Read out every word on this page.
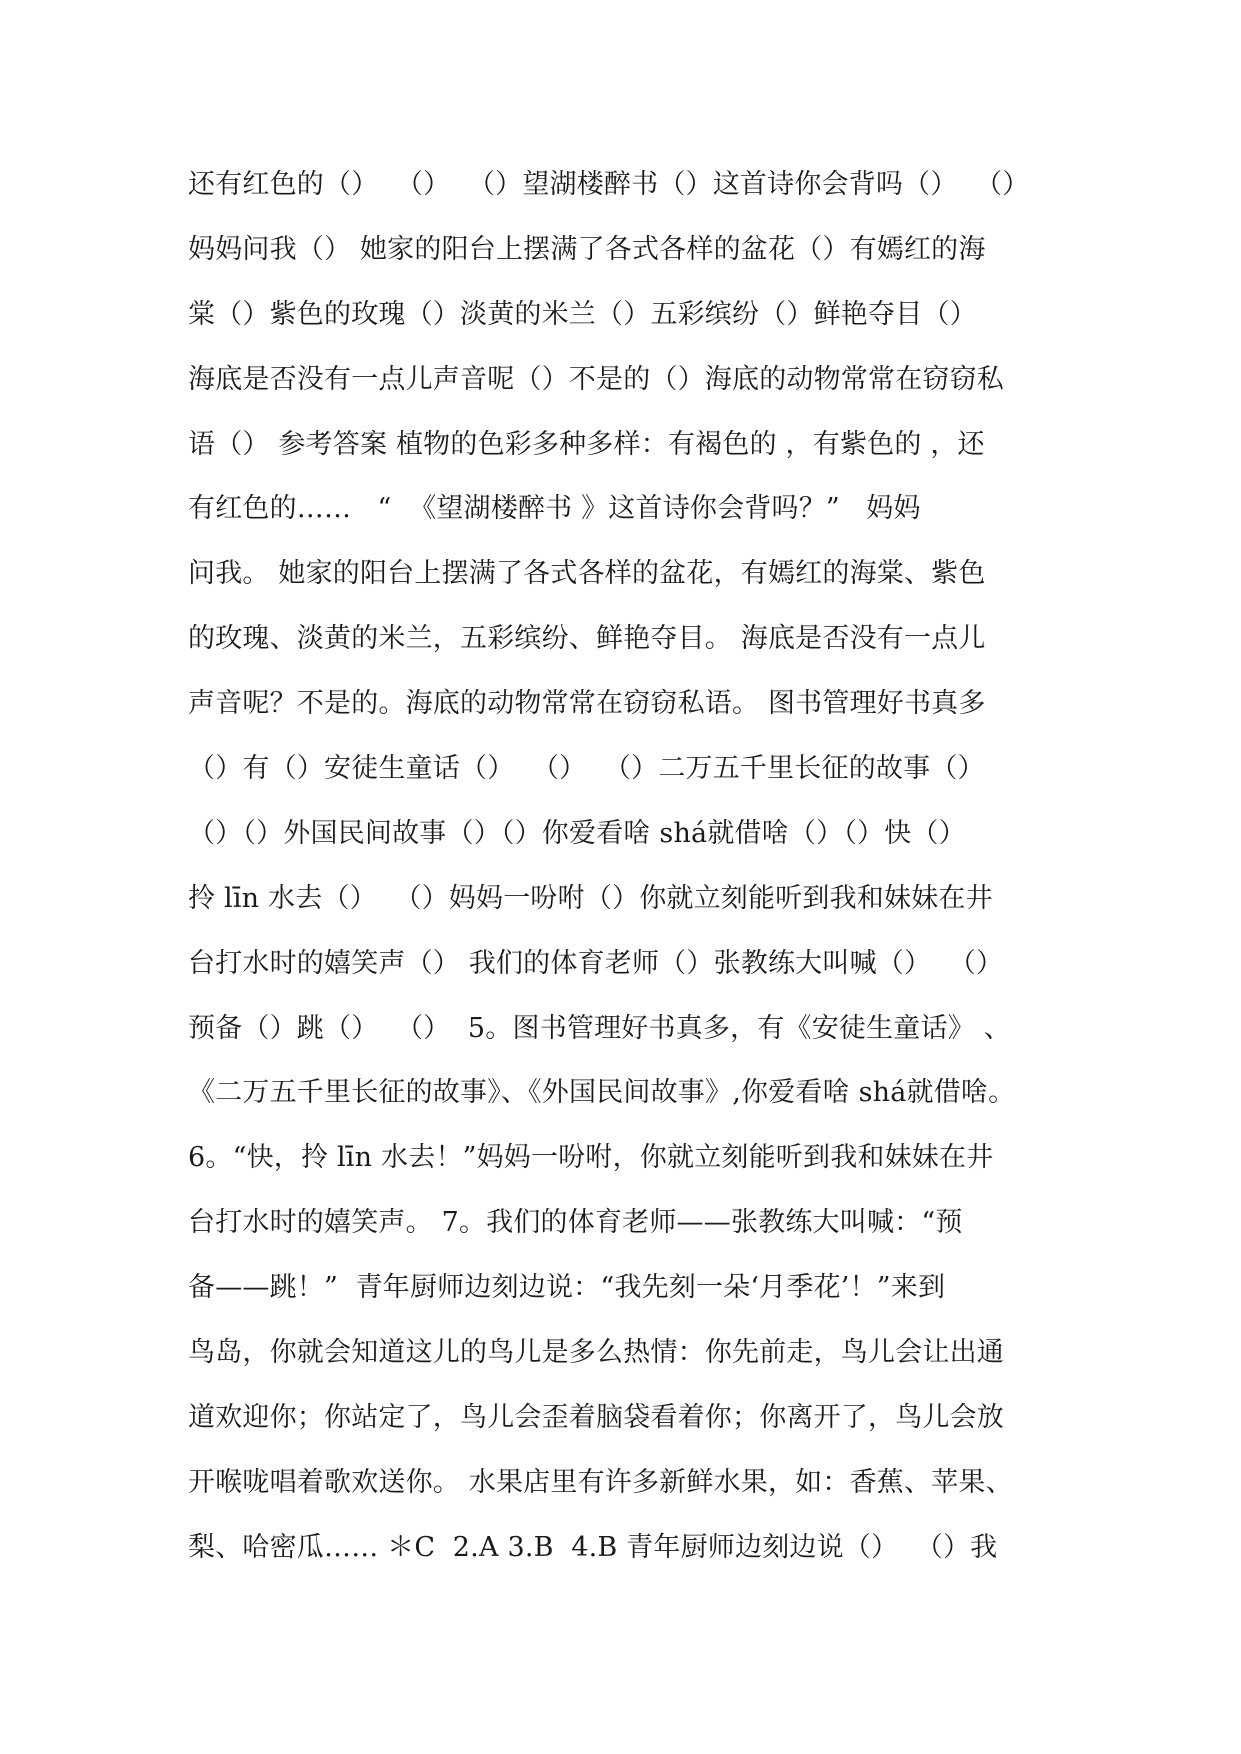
还有红色的（）  （）  （）望湖楼醉书（）这首诗你会背吗（）  （）
妈妈问我（） 她家的阳台上摆满了各式各样的盆花（）有嫣红的海
棠（）紫色的玫瑰（）淡黄的米兰（）五彩缤纷（）鲜艳夺目（）
海底是否没有一点儿声音呢（）不是的（）海底的动物常常在窃窃私
语（） 参考答案 植物的色彩多种多样：有褐色的 ，有紫色的 ，还
有红色的……   “  《望湖楼醉书 》这首诗你会背吗？”   妈妈
问我。 她家的阳台上摆满了各式各样的盆花，有嫣红的海棠、紫色
的玫瑰、淡黄的米兰，五彩缤纷、鲜艳夺目。 海底是否没有一点儿
声音呢？不是的。海底的动物常常在窃窃私语。 图书管理好书真多
（）有（）安徒生童话（）  （）  （）二万五千里长征的故事（）
（）（）外国民间故事（）（）你爱看啥 shá就借啥（）（）快（）
拎 līn 水去（）  （）妈妈一吩咐（）你就立刻能听到我和妹妹在井
台打水时的嬉笑声（） 我们的体育老师（）张教练大叫喊（）  （）
预备（）跳（）  （）  5。图书管理好书真多，有《安徒生童话》 、
《二万五千里长征的故事》、《外国民间故事》,你爱看啥 shá就借啥。
6。“快，拎 līn 水去！”妈妈一吩咐，你就立刻能听到我和妹妹在井
台打水时的嬉笑声。 7。我们的体育老师——张教练大叫喊：“预
备——跳！”  青年厨师边刻边说：“我先刻一朵‘月季花’！”来到
鸟岛，你就会知道这儿的鸟儿是多么热情：你先前走，鸟儿会让出通
道欢迎你；你站定了，鸟儿会歪着脑袋看着你；你离开了，鸟儿会放
开喉咙唱着歌欢送你。 水果店里有许多新鲜水果，如：香蕉、苹果、
梨、哈密瓜…… ＊C  2.A 3.B  4.B 青年厨师边刻边说（）  （）我
